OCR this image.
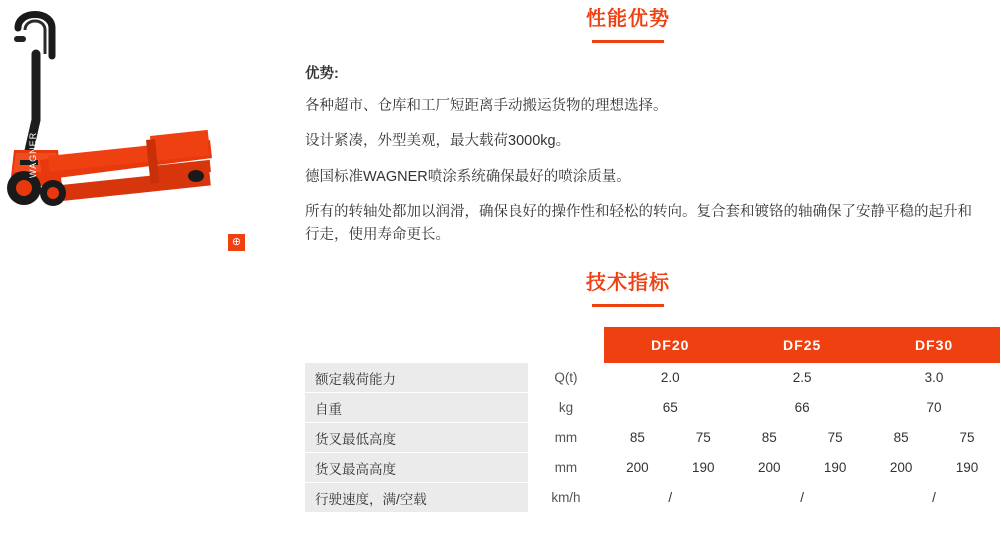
WAGNER
⊕
性能优势

优势:

各种超市、仓库和工厂短距离手动搬运货物的理想选择。

设计紧凑，外型美观，最大载荷3000kg。

德国标准WAGNER喷涂系统确保最好的喷涂质量。

所有的转轴处都加以润滑，确保良好的操作性和轻松的转向。复合套和镀铬的轴确保了安静平稳的起升和行走，使用寿命更长。

技术指标
		DF20		DF25		DF30	
额定载荷能力	Q(t)	2.0		2.5		3.0	
自重	kg	65		66		70	
货叉最低高度	mm	85	75	85	75	85	75
货叉最高高度	mm	200	190	200	190	200	190
行驶速度，满/空载	km/h	/		/		/	
